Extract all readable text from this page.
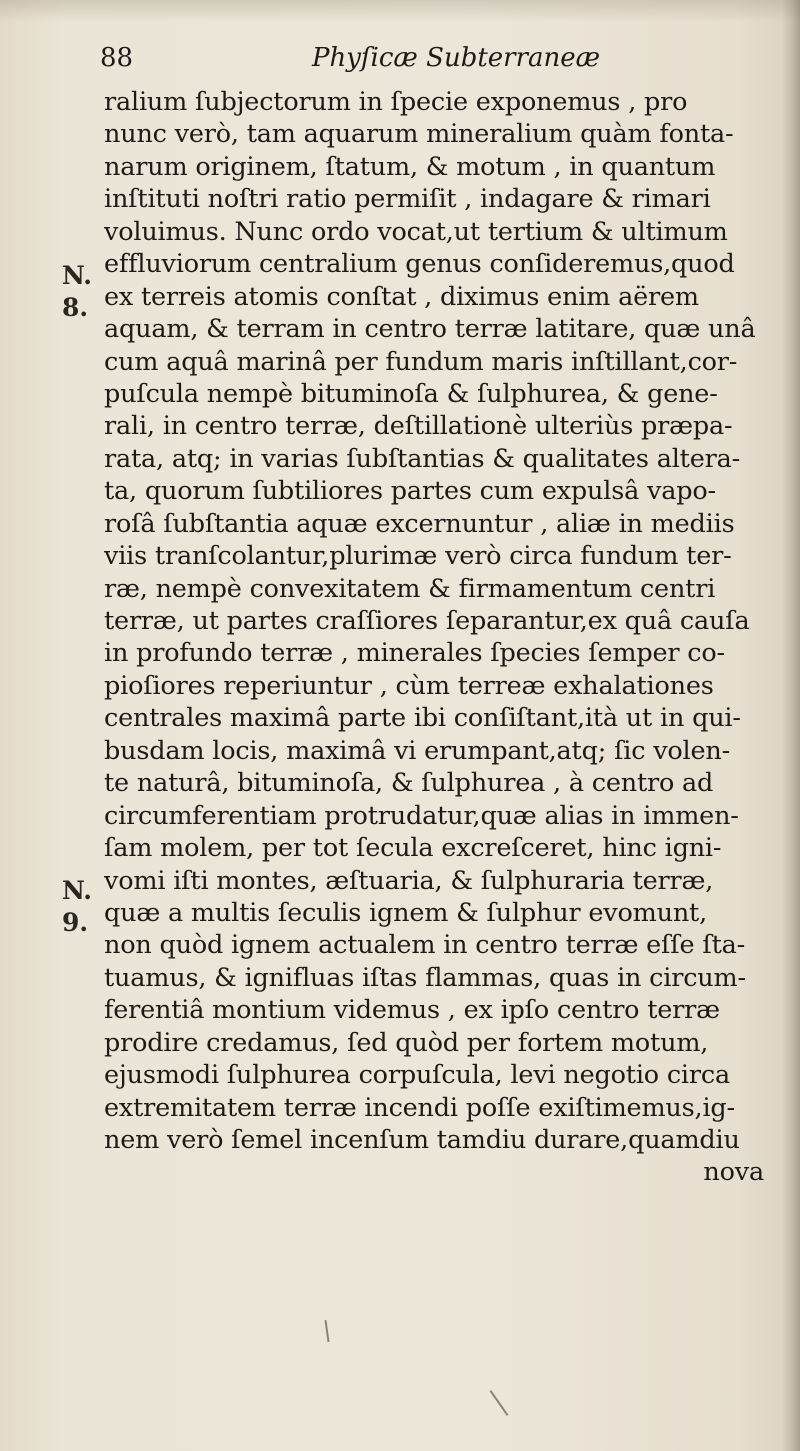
88	Phyſicæ Subterraneæ
N.
8.
N.
9.
ralium ſubjectorum in ſpecie exponemus , pro
nunc verò, tam aquarum mineralium quàm fonta-
narum originem, ſtatum, & motum , in quantum
inſtituti noſtri ratio permiſit , indagare & rimari
voluimus. Nunc ordo vocat,ut tertium & ultimum
effluviorum centralium genus conſideremus,quod
ex terreis atomis conſtat , diximus enim aërem
aquam, & terram in centro terræ latitare, quæ unâ
cum aquâ marinâ per fundum maris inſtillant,cor-
puſcula nempè bituminoſa & ſulphurea, & gene-
rali, in centro terræ, deſtillationè ulteriùs præpa-
rata, atq; in varias ſubſtantias & qualitates altera-
ta, quorum ſubtiliores partes cum expulsâ vapo-
roſâ ſubſtantia aquæ excernuntur , aliæ in mediis
viis tranſcolantur,plurimæ verò circa fundum ter-
ræ, nempè convexitatem & firmamentum centri
terræ, ut partes craſſiores ſeparantur,ex quâ cauſa
in profundo terræ , minerales ſpecies ſemper co-
pioſiores reperiuntur , cùm terreæ exhalationes
centrales maximâ parte ibi conſiſtant,ità ut in qui-
busdam locis, maximâ vi erumpant,atq; ſic volen-
te naturâ, bituminoſa, & ſulphurea , à centro ad
circumferentiam protrudatur,quæ alias in immen-
ſam molem, per tot ſecula excreſceret, hinc igni-
vomi iſti montes, æſtuaria, & ſulphuraria terræ,
quæ a multis ſeculis ignem & ſulphur evomunt,
non quòd ignem actualem in centro terræ eſſe ſta-
tuamus, & ignifluas iſtas flammas, quas in circum-
ferentiâ montium videmus , ex ipſo centro terræ
prodire credamus, ſed quòd per fortem motum,
ejusmodi ſulphurea corpuſcula, levi negotio circa
extremitatem terræ incendi poſſe exiſtimemus,ig-
nem verò ſemel incenſum tamdiu durare,quamdiu
nova
